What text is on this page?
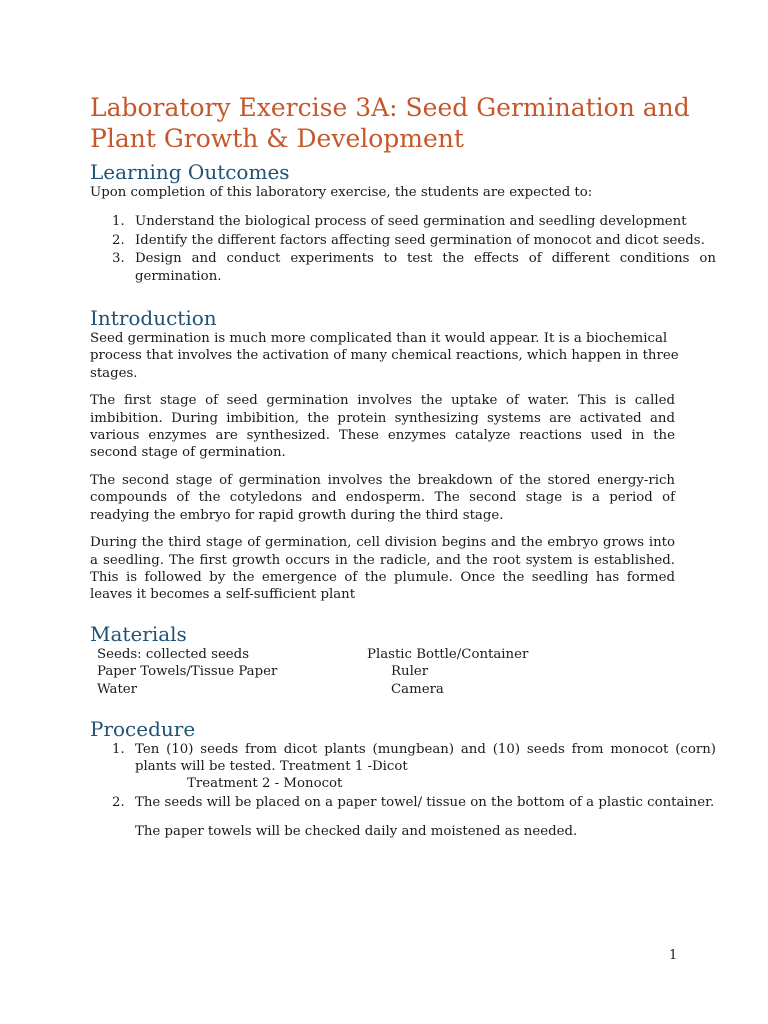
Laboratory Exercise 3A: Seed Germination and Plant Growth & Development
Learning Outcomes

Upon completion of this laboratory exercise, the students are expected to:

1. Understand the biological process of seed germination and seedling development
2. Identify the different factors affecting seed germination of monocot and dicot seeds.
3. Design and conduct experiments to test the effects of different conditions on germination.
Introduction

Seed germination is much more complicated than it would appear. It is a biochemical process that involves the activation of many chemical reactions, which happen in three stages.

The first stage of seed germination involves the uptake of water. This is called imbibition. During imbibition, the protein synthesizing systems are activated and various enzymes are synthesized. These enzymes catalyze reactions used in the second stage of germination.

The second stage of germination involves the breakdown of the stored energy-rich compounds of the cotyledons and endosperm. The second stage is a period of readying the embryo for rapid growth during the third stage.

During the third stage of germination, cell division begins and the embryo grows into a seedling. The first growth occurs in the radicle, and the root system is established. This is followed by the emergence of the plumule. Once the seedling has formed leaves it becomes a self-sufficient plant

Materials
Seeds: collected seeds	Plastic Bottle/Container
Paper Towels/Tissue Paper	Ruler
Water	Camera
Procedure
1. Ten (10) seeds from dicot plants (mungbean) and (10) seeds from monocot (corn) plants will be tested. Treatment 1 -Dicot
Treatment 2 - Monocot
2. The seeds will be placed on a paper towel/ tissue on the bottom of a plastic container.

The paper towels will be checked daily and moistened as needed.

1
